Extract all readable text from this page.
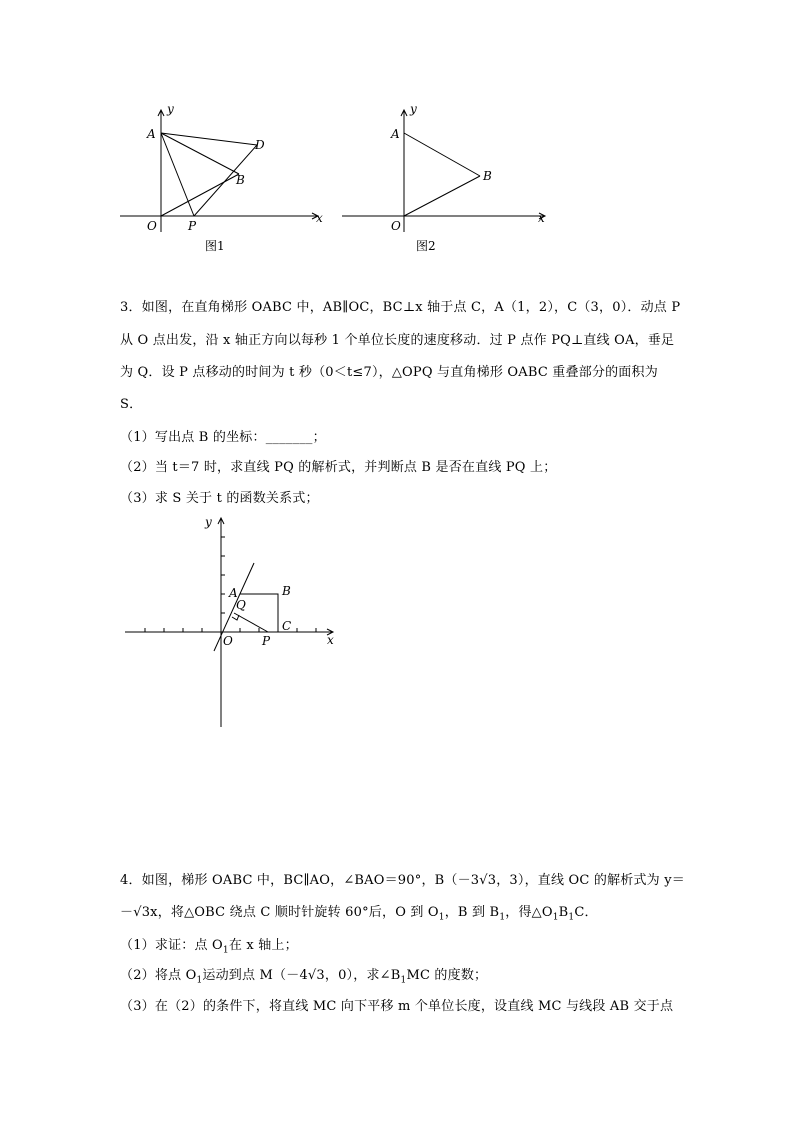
y
x
A
D
B
O	P
图1
y
x
A
B
O
图2
3．如图，在直角梯形 OABC 中，AB∥OC，BC⊥x 轴于点 C，A（1，2），C（3，0）．动点 P
从 O 点出发，沿 x 轴正方向以每秒 1 个单位长度的速度移动．过 P 点作 PQ⊥直线 OA，垂足
为 Q．设 P 点移动的时间为 t 秒（0＜t≤7），△OPQ 与直角梯形 OABC 重叠部分的面积为
S．
（1）写出点 B 的坐标：_______；
（2）当 t＝7 时，求直线 PQ 的解析式，并判断点 B 是否在直线 PQ 上；
（3）求 S 关于 t 的函数关系式；
y
x
A	B
Q
O P
C
4．如图，梯形 OABC 中，BC∥AO，∠BAO＝90°，B（－3√3，3），直线 OC 的解析式为 y＝
－√3x，将△OBC 绕点 C 顺时针旋转 60°后，O 到 $O_1$，B 到 $B_1$，得$\triangle O_1B_1C$．
（1）求证：点 $O_1$在 x 轴上；
（2）将点 $O_1$运动到点 M（－4√3，0），求$\angle B_1MC$ 的度数；
（3）在（2）的条件下，将直线 MC 向下平移 m 个单位长度，设直线 MC 与线段 AB 交于点
